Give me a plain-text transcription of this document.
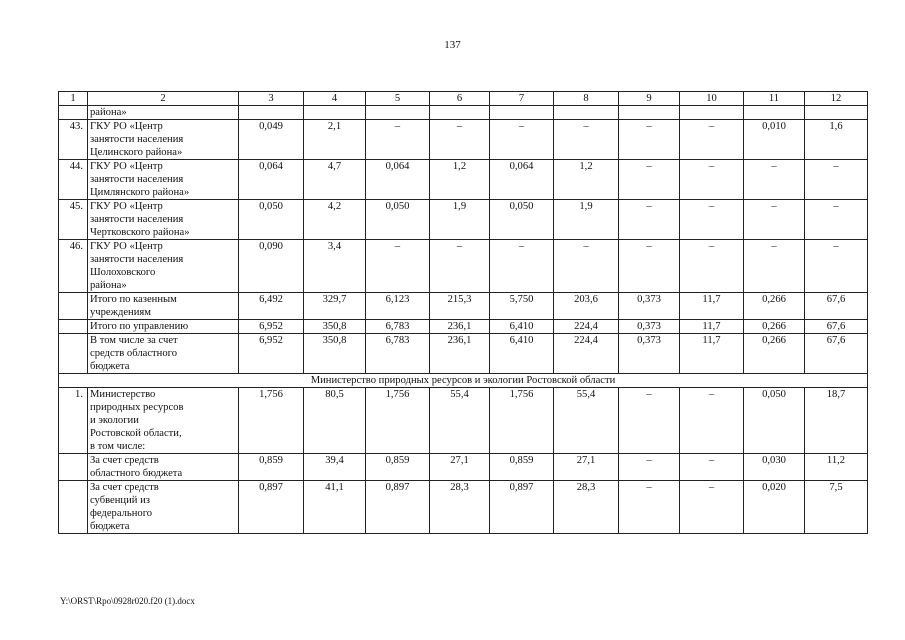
137
1	2	3	4	5	6	7	8	9	10	11	12
	района»										
43.	ГКУ РО «Центр
занятости населения
Целинского района»	0,049	2,1	–	–	–	–	–	–	0,010	1,6
44.	ГКУ РО «Центр
занятости населения
Цимлянского района»	0,064	4,7	0,064	1,2	0,064	1,2	–	–	–	–
45.	ГКУ РО «Центр
занятости населения
Чертковского района»	0,050	4,2	0,050	1,9	0,050	1,9	–	–	–	–
46.	ГКУ РО «Центр
занятости населения
Шолоховского
района»	0,090	3,4	–	–	–	–	–	–	–	–
	Итого по казенным
учреждениям	6,492	329,7	6,123	215,3	5,750	203,6	0,373	11,7	0,266	67,6
	Итого по управлению	6,952	350,8	6,783	236,1	6,410	224,4	0,373	11,7	0,266	67,6
	В том числе за счет
средств областного
бюджета	6,952	350,8	6,783	236,1	6,410	224,4	0,373	11,7	0,266	67,6
Министерство природных ресурсов и экологии Ростовской области											
1.	Министерство
природных ресурсов
и экологии
Ростовской области,
в том числе:	1,756	80,5	1,756	55,4	1,756	55,4	–	–	0,050	18,7
	За счет средств
областного бюджета	0,859	39,4	0,859	27,1	0,859	27,1	–	–	0,030	11,2
	За счет средств
субвенций из
федерального
бюджета	0,897	41,1	0,897	28,3	0,897	28,3	–	–	0,020	7,5
Y:\ORST\Rpo\0928r020.f20 (1).docx
